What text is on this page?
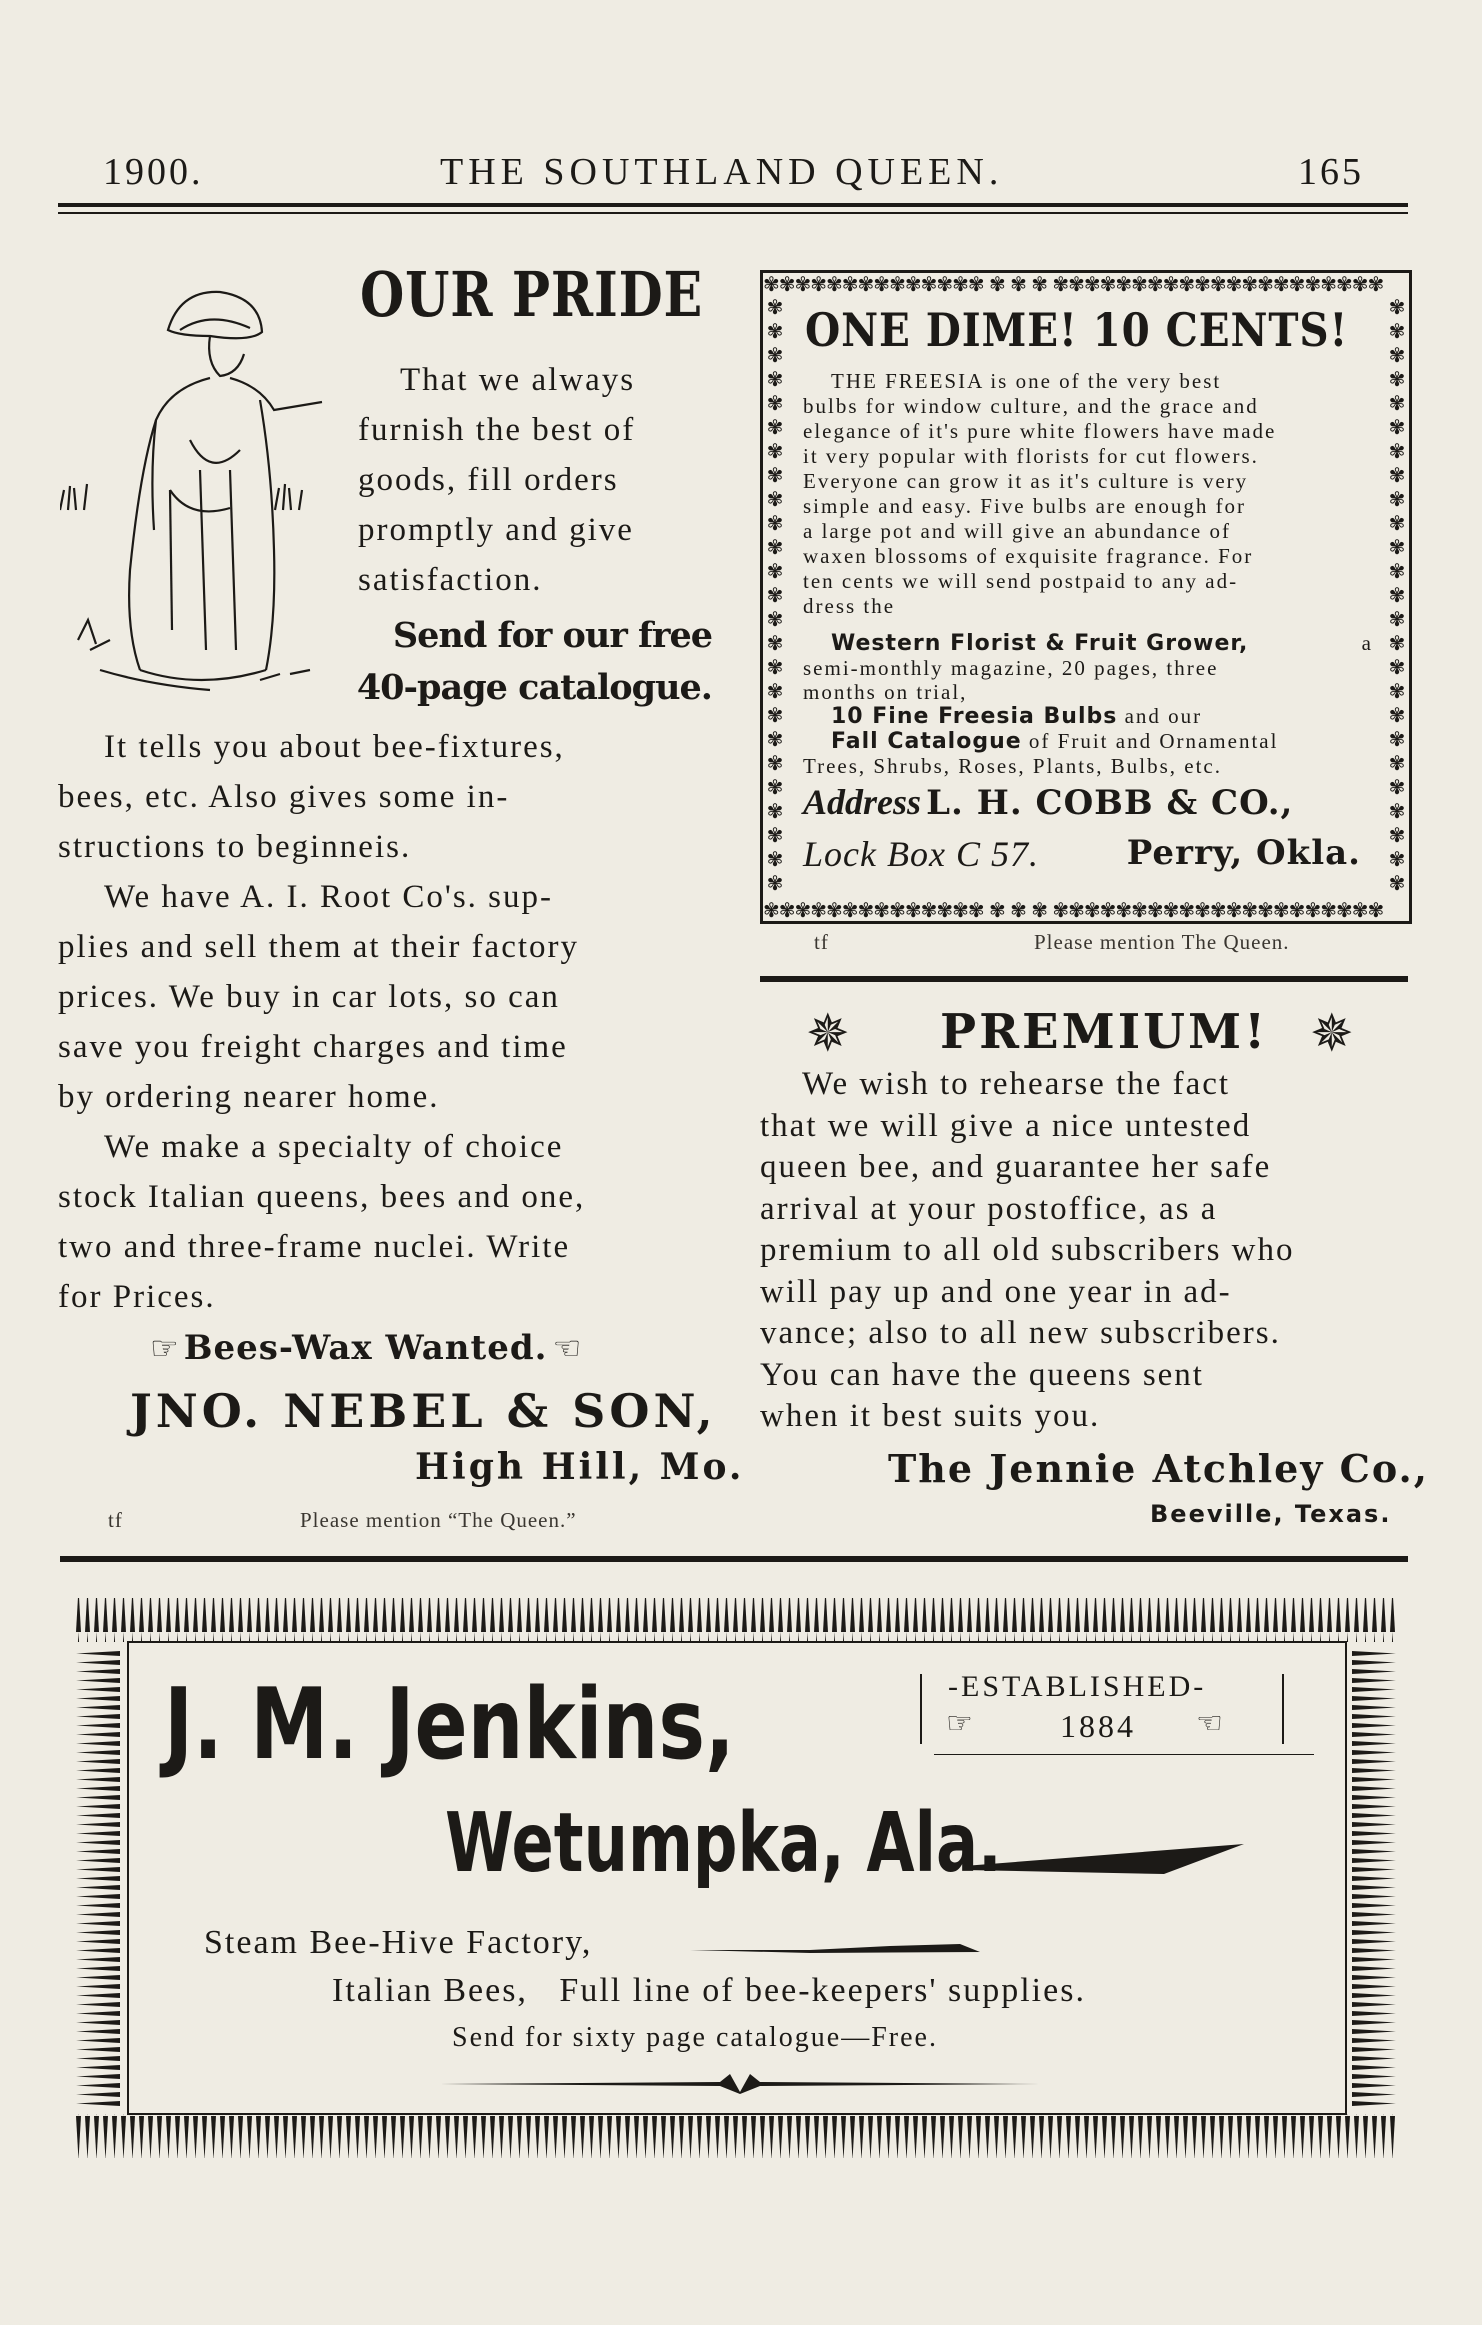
1900.	THE SOUTHLAND QUEEN.	165
OUR PRIDE
That we always
furnish the best of
goods, fill orders
promptly and give
satisfaction.
Send for our free
40-page catalogue.
It tells you about bee-fixtures,
bees, etc. Also gives some in-
structions to beginneis.
We have A. I. Root Co's. sup-
plies and sell them at their factory
prices. We buy in car lots, so can
save you freight charges and time
by ordering nearer home.
We make a specialty of choice
stock Italian queens, bees and one,
two and three-frame nuclei. Write
for Prices.
☞ Bees-Wax Wanted. ☜
JNO. NEBEL & SON,
High Hill, Mo.
tf	Please mention “The Queen.”
✾✾✾✾✾✾✾✾✾✾✾✾✾✾ ✾ ✾ ✾ ✾✾✾✾✾✾✾✾✾✾✾✾✾✾✾✾✾✾✾✾✾
✾✾✾✾✾✾✾✾✾✾✾✾✾✾ ✾ ✾ ✾ ✾✾✾✾✾✾✾✾✾✾✾✾✾✾✾✾✾✾✾✾✾
✾✾✾✾✾✾✾✾✾✾✾✾✾✾✾✾✾✾✾✾✾✾✾✾✾
✾✾✾✾✾✾✾✾✾✾✾✾✾✾✾✾✾✾✾✾✾✾✾✾✾
ONE DIME! 10 CENTS!
THE FREESIA is one of the very best
bulbs for window culture, and the grace and
elegance of it's pure white flowers have made
it very popular with florists for cut flowers.
Everyone can grow it as it's culture is very
simple and easy. Five bulbs are enough for
a large pot and will give an abundance of
waxen blossoms of exquisite fragrance. For
ten cents we will send postpaid to any ad-
dress the
Western Florist & Fruit Grower,	a
semi-monthly magazine, 20 pages, three
months on trial,
10 Fine Freesia Bulbs and our
Fall Catalogue of Fruit and Ornamental
Trees, Shrubs, Roses, Plants, Bulbs, etc.
Address L. H. COBB & CO.,
Lock Box C 57.	Perry, Okla.
tf	Please mention The Queen.
✵ PREMIUM! ✵
We wish to rehearse the fact
that we will give a nice untested
queen bee, and guarantee her safe
arrival at your postoffice, as a
premium to all old subscribers who
will pay up and one year in ad-
vance; also to all new subscribers.
You can have the queens sent
when it best suits you.
The Jennie Atchley Co.,
Beeville, Texas.
J. M. Jenkins,
Wetumpka, Ala.
-ESTABLISHED-
☞	1884 ☜
Steam Bee-Hive Factory,
Italian Bees,   Full line of bee-keepers' supplies.
Send for sixty page catalogue—Free.
